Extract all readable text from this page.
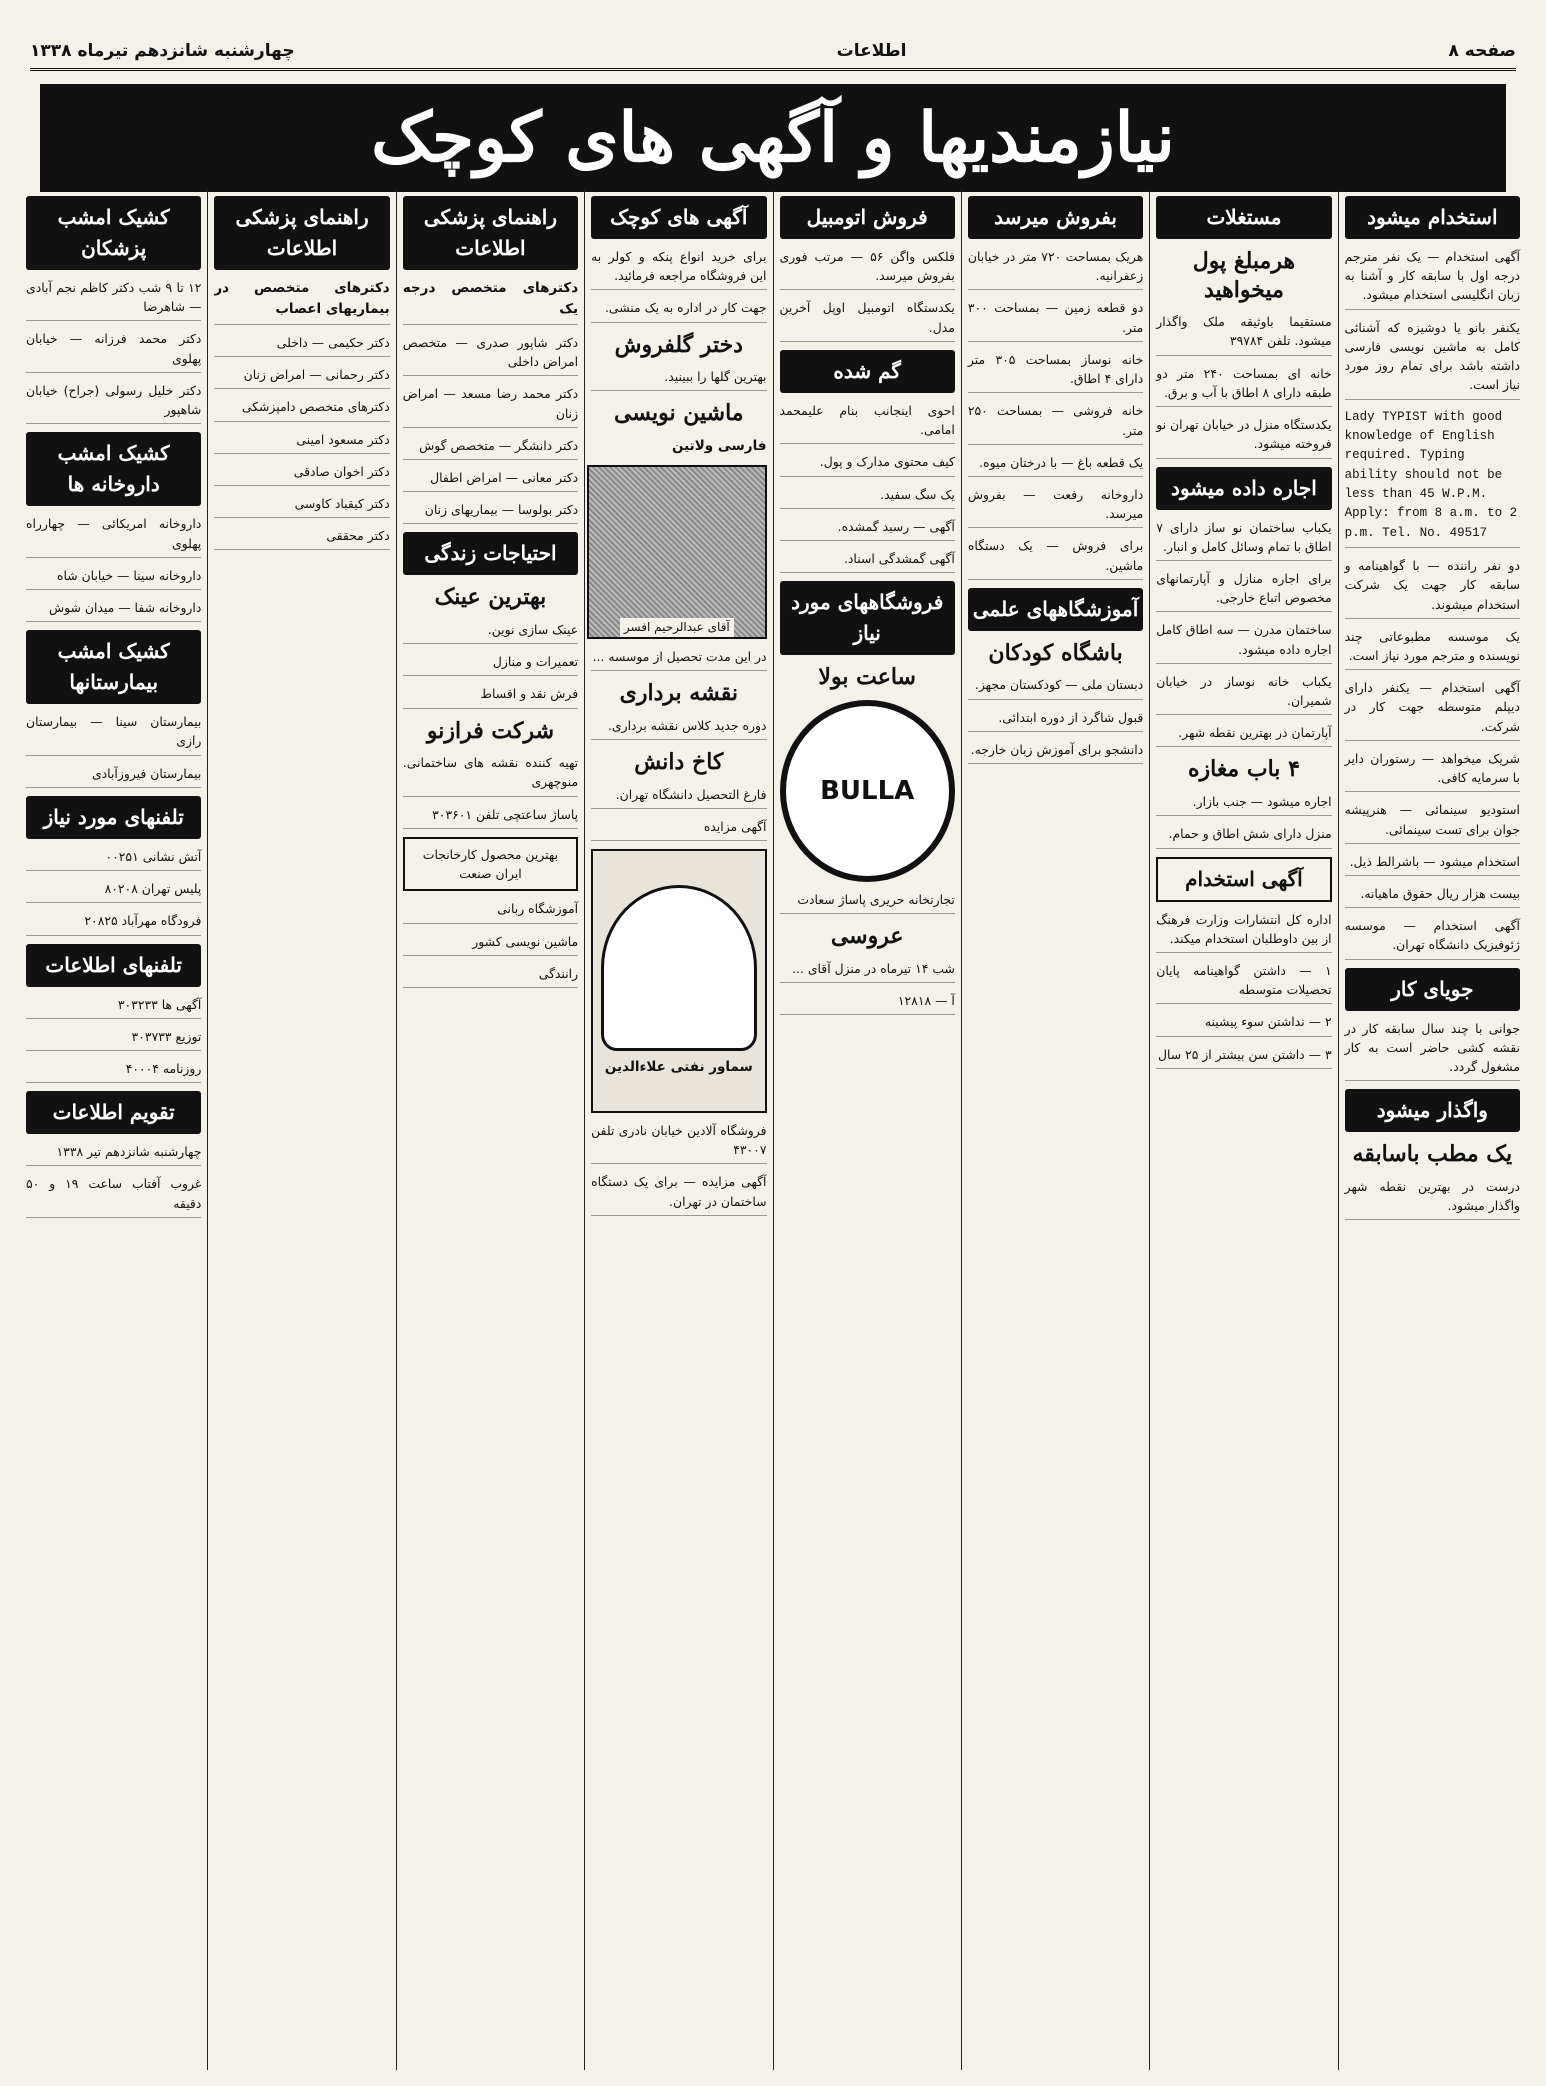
صفحه ۸
اطلاعات
چهارشنبه شانزدهم تیرماه ۱۳۳۸
نیازمندیها و آگهی های کوچک
استخدام میشود
آگهی استخدام — یک نفر مترجم درجه اول با سابقه کار و آشنا به زبان انگلیسی استخدام میشود.
یکنفر بانو یا دوشیزه که آشنائی کامل به ماشین نویسی فارسی داشته باشد برای تمام روز مورد نیاز است.
Lady TYPIST with good knowledge of English required. Typing ability should not be less than 45 W.P.M. Apply: from 8 a.m. to 2 p.m. Tel. No. 49517
دو نفر راننده — با گواهینامه و سابقه کار جهت یک شرکت استخدام میشوند.
یک موسسه مطبوعاتی چند نویسنده و مترجم مورد نیاز است.
آگهی استخدام — یکنفر دارای دیپلم متوسطه جهت کار در شرکت.
شریک میخواهد — رستوران دایر با سرمایه کافی.
استودیو سینمائی — هنرپیشه جوان برای تست سینمائی.
استخدام میشود — باشرالط ذیل.
بیست هزار ریال حقوق ماهیانه.
آگهی استخدام — موسسه ژئوفیزیک دانشگاه تهران.
جویای کار
جوانی با چند سال سابقه کار در نقشه کشی حاضر است به کار مشغول گردد.
واگذار میشود
یک مطب باسابقه
درست در بهترین نقطه شهر واگذار میشود.
مستغلات
هرمبلغ پول میخواهید
مستقیما باوثیقه ملک واگذار میشود. تلفن ۳۹۷۸۴
خانه ای بمساحت ۲۴۰ متر دو طبقه دارای ۸ اطاق با آب و برق.
یکدستگاه منزل در خیابان تهران نو فروخته میشود.
اجاره داده میشود
یکباب ساختمان نو ساز دارای ۷ اطاق با تمام وسائل کامل و انبار.
برای اجاره منازل و آپارتمانهای مخصوص اتباع خارجی.
ساختمان مدرن — سه اطاق کامل اجاره داده میشود.
یکباب خانه نوساز در خیابان شمیران.
آپارتمان در بهترین نقطه شهر.
۴ باب مغازه
اجاره میشود — جنب بازار.
منزل دارای شش اطاق و حمام.
آگهی استخدام
اداره کل انتشارات وزارت فرهنگ از بین داوطلبان استخدام میکند.
۱ — داشتن گواهینامه پایان تحصیلات متوسطه
۲ — نداشتن سوء پیشینه
۳ — داشتن سن بیشتر از ۲۵ سال
بفروش میرسد
هریک بمساحت ۷۲۰ متر در خیابان زعفرانیه.
دو قطعه زمین — بمساحت ۳۰۰ متر.
خانه نوساز بمساحت ۳۰۵ متر دارای ۴ اطاق.
خانه فروشی — بمساحت ۲۵۰ متر.
یک قطعه باغ — با درختان میوه.
داروخانه رفعت — بفروش میرسد.
برای فروش — یک دستگاه ماشین.
آموزشگاههای علمی
باشگاه کودکان
دبستان ملی — کودکستان مجهز.
قبول شاگرد از دوره ابتدائی.
دانشجو برای آموزش زبان خارجه.
فروش اتومبیل
فلکس واگن ۵۶ — مرتب فوری بفروش میرسد.
یکدستگاه اتومبیل اوپل آخرین مدل.
گم شده
احوی اینجانب بنام علیمحمد امامی.
کیف محتوی مدارک و پول.
یک سگ سفید.
آگهی — رسید گمشده.
آگهی گمشدگی اسناد.
فروشگاههای مورد نیاز
ساعت بولا
BULLA
تجارتخانه حریری پاساژ سعادت
عروسی
شب ۱۴ تیرماه در منزل آقای ...
آ — ۱۲۸۱۸
آگهی های کوچک
برای خرید انواع پنکه و کولر به این فروشگاه مراجعه فرمائید.
جهت کار در اداره به یک منشی.
دختر گلفروش
بهترین گلها را ببینید.
ماشین نویسی
فارسی ولاتین
آقای عبدالرحیم افسر
در این مدت تحصیل از موسسه ...
نقشه برداری
دوره جدید کلاس نقشه برداری.
کاخ دانش
فارغ التحصیل دانشگاه تهران.
آگهی مزایده
سماور نفتی علاءالدین
فروشگاه آلادین خیابان نادری تلفن ۴۳۰۰۷
آگهی مزایده — برای یک دستگاه ساختمان در تهران.
راهنمای پزشکی اطلاعات
دکترهای متخصص درجه یک
دکتر شاپور صدری — متخصص امراض داخلی
دکتر محمد رضا مسعد — امراض زنان
دکتر دانشگر — متخصص گوش
دکتر معانی — امراض اطفال
دکتر بولوسا — بیماریهای زنان
احتیاجات زندگی
بهترین عینک
عینک سازی نوین.
تعمیرات و منازل
فرش نقد و اقساط
شرکت فرازنو
تهیه کننده نقشه های ساختمانی. منوچهری
پاساژ ساعتچی تلفن ۳۰۳۶۰۱
بهترین محصول کارخانجات ایران صنعت
آموزشگاه ربانی
ماشین نویسی کشور
رانندگی
راهنمای پزشکی اطلاعات
دکترهای متخصص در بیماریهای اعصاب
دکتر حکیمی — داخلی
دکتر رحمانی — امراض زنان
دکترهای متخصص دامپزشکی
دکتر مسعود امینی
دکتر اخوان صادقی
دکتر کیقباد کاوسی
دکتر محققی
کشیک امشب پزشکان
۱۲ تا ۹ شب دکتر کاظم نجم آبادی — شاهرضا
دکتر محمد فرزانه — خیابان پهلوی
دکتر خلیل رسولی (جراح) خیابان شاهپور
کشیک امشب داروخانه ها
داروخانه امریکائی — چهارراه پهلوی
داروخانه سینا — خیابان شاه
داروخانه شفا — میدان شوش
کشیک امشب بیمارستانها
بیمارستان سینا — بیمارستان رازی
بیمارستان فیروزآبادی
تلفنهای مورد نیاز
آتش نشانی ۰۰۲۵۱
پلیس تهران ۸۰۲۰۸
فرودگاه مهرآباد ۲۰۸۲۵
تلفنهای اطلاعات
آگهی ها ۳۰۳۲۳۳
توزیع ۳۰۳۷۳۳
روزنامه ۴۰۰۰۴
تقویم اطلاعات
چهارشنبه شانزدهم تیر ۱۳۳۸
غروب آفتاب ساعت ۱۹ و ۵۰ دقیقه
